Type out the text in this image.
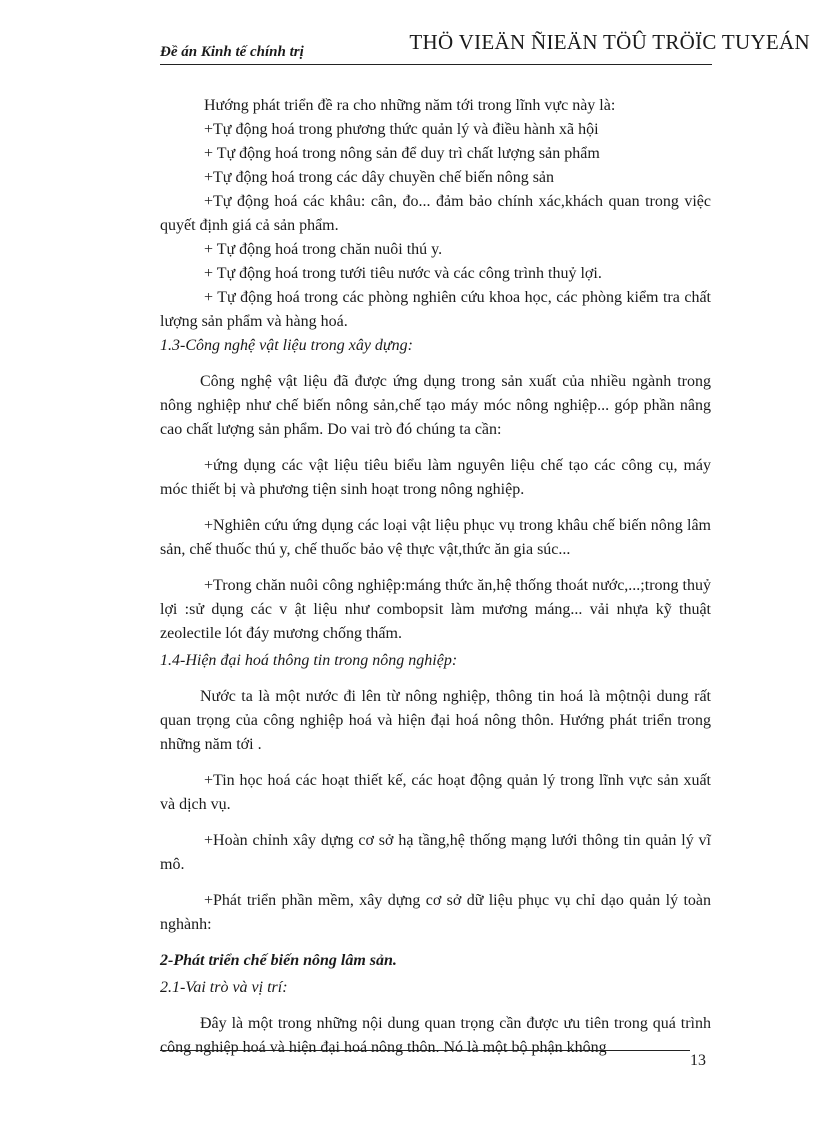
Đề án Kinh tế chính trị	THÖ VIEÄN ÑIEÄN TÖÛ TRÖÏC TUYEÁN

Hướng phát triển đề ra cho những năm tới trong lĩnh vực này là:

+Tự động hoá trong phương thức quản lý và điều hành xã hội

+ Tự động hoá trong nông sản để duy trì chất lượng sản phẩm

+Tự động hoá trong các dây chuyền chế biến nông sản

+Tự động hoá các khâu: cân, đo... đảm bảo chính xác,khách quan trong việc quyết định giá cả sản phẩm.

+ Tự động hoá trong chăn nuôi thú y.

+ Tự động hoá trong tưới tiêu nước và các công trình thuỷ lợi.

+ Tự động hoá trong các phòng nghiên cứu khoa học, các phòng kiểm tra chất lượng sản phẩm và hàng hoá.

1.3-Công nghệ vật liệu trong xây dựng:

Công nghệ vật liệu đã được ứng dụng trong sản xuất của nhiều ngành trong nông nghiệp như chế biến nông sản,chế tạo máy móc nông nghiệp... góp phần nâng cao chất lượng sản phẩm. Do vai trò đó chúng ta cần:

+ứng dụng các vật liệu tiêu biểu làm nguyên liệu chế tạo các công cụ, máy móc thiết bị và phương tiện sinh hoạt trong nông nghiệp.

+Nghiên cứu ứng dụng các loại vật liệu phục vụ trong khâu chế biến nông lâm sản, chế thuốc thú y, chế thuốc bảo vệ thực vật,thức ăn gia súc...

+Trong chăn nuôi công nghiệp:máng thức ăn,hệ thống thoát nước,...;trong thuỷ lợi :sử dụng các v ật liệu như combopsit làm mương máng... vải nhựa kỹ thuật zeolectile lót đáy mương chống thấm.

1.4-Hiện đại hoá thông tin trong nông nghiệp:

Nước ta là một nước đi lên từ nông nghiệp, thông tin hoá là mộtnội dung rất quan trọng của công nghiệp hoá và hiện đại hoá nông thôn. Hướng phát triển trong những năm tới .

+Tin học hoá các hoạt thiết kế, các hoạt động quản lý trong lĩnh vực sản xuất và dịch vụ.

+Hoàn chỉnh xây dựng cơ sở hạ tầng,hệ thống mạng lưới thông tin quản lý vĩ mô.

+Phát triển phần mềm, xây dựng cơ sở dữ liệu phục vụ chỉ dạo quản lý toàn nghành:

2-Phát triển chế biến nông lâm sản.

2.1-Vai trò và vị trí:

Đây là một trong những nội dung quan trọng cần được ưu tiên trong quá trình công nghiệp hoá và hiện đại hoá nông thôn. Nó là một bộ phận không

13
